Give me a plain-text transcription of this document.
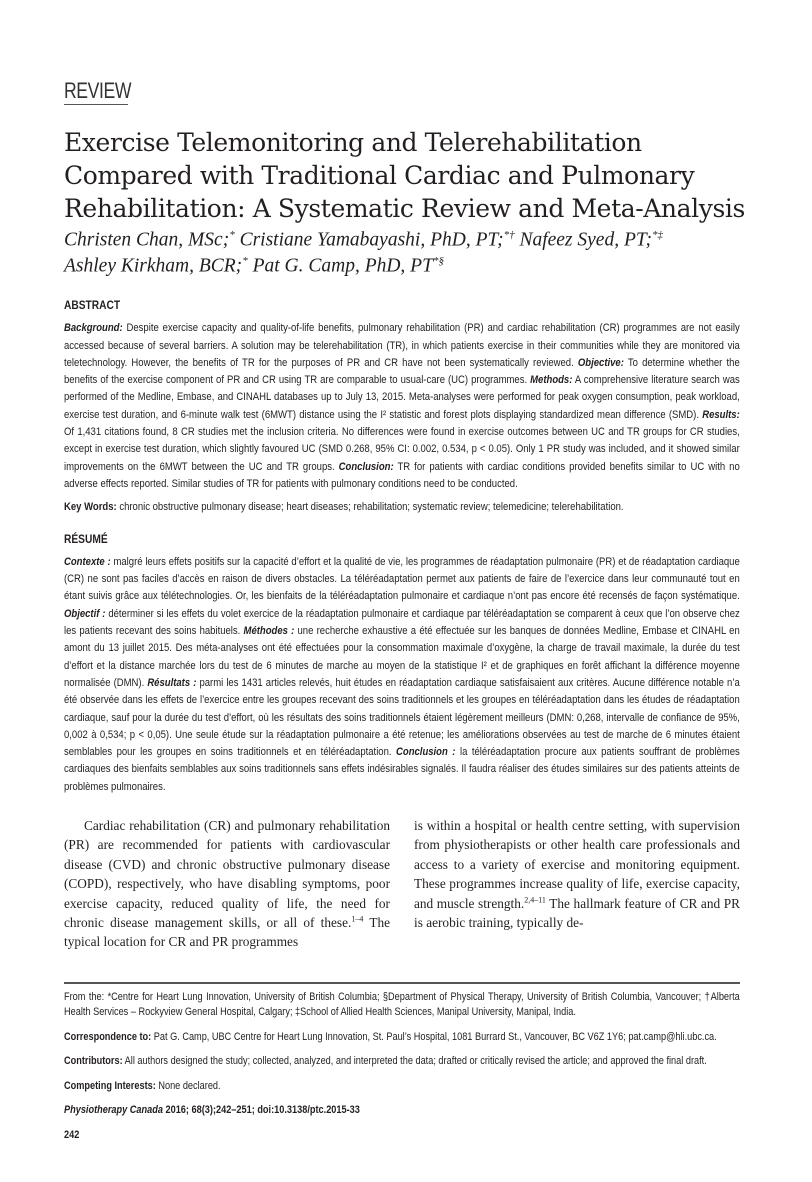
REVIEW
Exercise Telemonitoring and Telerehabilitation
Compared with Traditional Cardiac and Pulmonary
Rehabilitation: A Systematic Review and Meta-Analysis
Christen Chan, MSc;* Cristiane Yamabayashi, PhD, PT;*† Nafeez Syed, PT;*‡
Ashley Kirkham, BCR;* Pat G. Camp, PhD, PT*§
ABSTRACT
Background: Despite exercise capacity and quality-of-life benefits, pulmonary rehabilitation (PR) and cardiac rehabilitation (CR) programmes are not easily accessed because of several barriers. A solution may be telerehabilitation (TR), in which patients exercise in their communities while they are monitored via teletechnology. However, the benefits of TR for the purposes of PR and CR have not been systematically reviewed. Objective: To determine whether the benefits of the exercise component of PR and CR using TR are comparable to usual-care (UC) programmes. Methods: A comprehensive literature search was performed of the Medline, Embase, and CINAHL databases up to July 13, 2015. Meta-analyses were performed for peak oxygen consumption, peak workload, exercise test duration, and 6-minute walk test (6MWT) distance using the I² statistic and forest plots displaying standardized mean difference (SMD). Results: Of 1,431 citations found, 8 CR studies met the inclusion criteria. No differences were found in exercise outcomes between UC and TR groups for CR studies, except in exercise test duration, which slightly favoured UC (SMD 0.268, 95% CI: 0.002, 0.534, p < 0.05). Only 1 PR study was included, and it showed similar improvements on the 6MWT between the UC and TR groups. Conclusion: TR for patients with cardiac conditions provided benefits similar to UC with no adverse effects reported. Similar studies of TR for patients with pulmonary conditions need to be conducted.
Key Words: chronic obstructive pulmonary disease; heart diseases; rehabilitation; systematic review; telemedicine; telerehabilitation.
RÉSUMÉ
Contexte : malgré leurs effets positifs sur la capacité d’effort et la qualité de vie, les programmes de réadaptation pulmonaire (PR) et de réadaptation cardiaque (CR) ne sont pas faciles d’accès en raison de divers obstacles. La téléréadaptation permet aux patients de faire de l’exercice dans leur communauté tout en étant suivis grâce aux télétechnologies. Or, les bienfaits de la téléréadaptation pulmonaire et cardiaque n’ont pas encore été recensés de façon systématique. Objectif : déterminer si les effets du volet exercice de la réadaptation pulmonaire et cardiaque par téléréadaptation se comparent à ceux que l’on observe chez les patients recevant des soins habituels. Méthodes : une recherche exhaustive a été effectuée sur les banques de données Medline, Embase et CINAHL en amont du 13 juillet 2015. Des méta-analyses ont été effectuées pour la consommation maximale d’oxygène, la charge de travail maximale, la durée du test d’effort et la distance marchée lors du test de 6 minutes de marche au moyen de la statistique I² et de graphiques en forêt affichant la différence moyenne normalisée (DMN). Résultats : parmi les 1431 articles relevés, huit études en réadaptation cardiaque satisfaisaient aux critères. Aucune différence notable n’a été observée dans les effets de l’exercice entre les groupes recevant des soins traditionnels et les groupes en téléréadaptation dans les études de réadaptation cardiaque, sauf pour la durée du test d’effort, où les résultats des soins traditionnels étaient légèrement meilleurs (DMN: 0,268, intervalle de confiance de 95%, 0,002 à 0,534; p < 0,05). Une seule étude sur la réadaptation pulmonaire a été retenue; les améliorations observées au test de marche de 6 minutes étaient semblables pour les groupes en soins traditionnels et en téléréadaptation. Conclusion : la téléréadaptation procure aux patients souffrant de problèmes cardiaques des bienfaits semblables aux soins traditionnels sans effets indésirables signalés. Il faudra réaliser des études similaires sur des patients atteints de problèmes pulmonaires.
Cardiac rehabilitation (CR) and pulmonary rehabilitation (PR) are recommended for patients with cardiovascular disease (CVD) and chronic obstructive pulmonary disease (COPD), respectively, who have disabling symptoms, poor exercise capacity, reduced quality of life, the need for chronic disease management skills, or all of these.$^{1-4}$ The typical location for CR and PR programmes
is within a hospital or health centre setting, with supervision from physiotherapists or other health care professionals and access to a variety of exercise and monitoring equipment. These programmes increase quality of life, exercise capacity, and muscle strength.$^{2,4-11}$ The hallmark feature of CR and PR is aerobic training, typically de-

From the: *Centre for Heart Lung Innovation, University of British Columbia; §Department of Physical Therapy, University of British Columbia, Vancouver; †Alberta Health Services – Rockyview General Hospital, Calgary; ‡School of Allied Health Sciences, Manipal University, Manipal, India.

Correspondence to: Pat G. Camp, UBC Centre for Heart Lung Innovation, St. Paul’s Hospital, 1081 Burrard St., Vancouver, BC V6Z 1Y6; pat.camp@hli.ubc.ca.

Contributors: All authors designed the study; collected, analyzed, and interpreted the data; drafted or critically revised the article; and approved the final draft.

Competing Interests: None declared.

Physiotherapy Canada 2016; 68(3);242–251; doi:10.3138/ptc.2015-33

242
